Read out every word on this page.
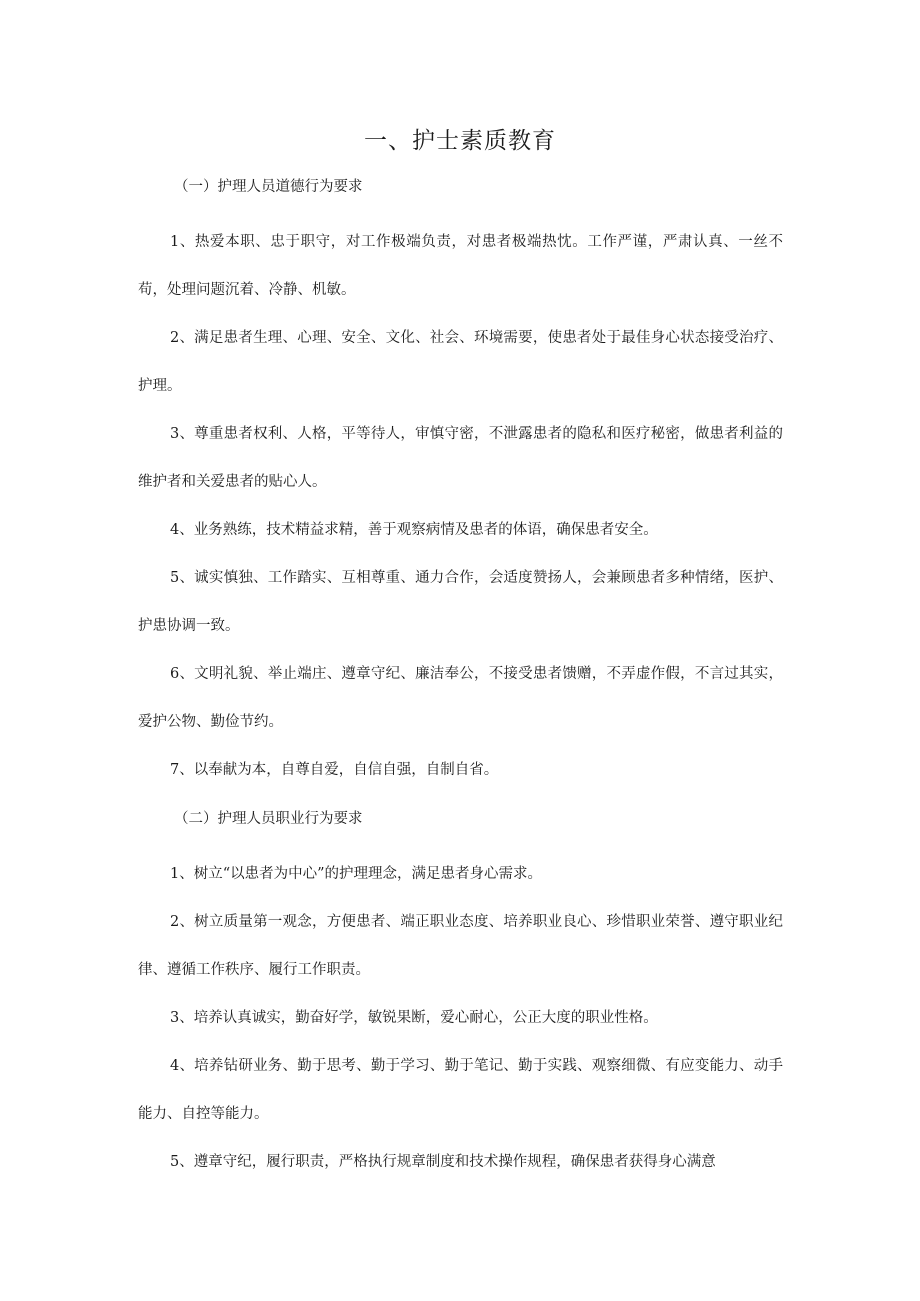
一、护士素质教育
（一）护理人员道德行为要求

1、热爱本职、忠于职守，对工作极端负责，对患者极端热忱。工作严谨，严肃认真、一丝不苟，处理问题沉着、冷静、机敏。

2、满足患者生理、心理、安全、文化、社会、环境需要，使患者处于最佳身心状态接受治疗、护理。

3、尊重患者权利、人格，平等待人，审慎守密，不泄露患者的隐私和医疗秘密，做患者利益的维护者和关爱患者的贴心人。

4、业务熟练，技术精益求精，善于观察病情及患者的体语，确保患者安全。

5、诚实慎独、工作踏实、互相尊重、通力合作，会适度赞扬人，会兼顾患者多种情绪，医护、护患协调一致。

6、文明礼貌、举止端庄、遵章守纪、廉洁奉公，不接受患者馈赠，不弄虚作假，不言过其实，爱护公物、勤俭节约。

7、以奉献为本，自尊自爱，自信自强，自制自省。

（二）护理人员职业行为要求

1、树立“以患者为中心”的护理理念，满足患者身心需求。

2、树立质量第一观念，方便患者、端正职业态度、培养职业良心、珍惜职业荣誉、遵守职业纪律、遵循工作秩序、履行工作职责。

3、培养认真诚实，勤奋好学，敏锐果断，爱心耐心，公正大度的职业性格。

4、培养钻研业务、勤于思考、勤于学习、勤于笔记、勤于实践、观察细微、有应变能力、动手能力、自控等能力。

5、遵章守纪，履行职责，严格执行规章制度和技术操作规程，确保患者获得身心满意
